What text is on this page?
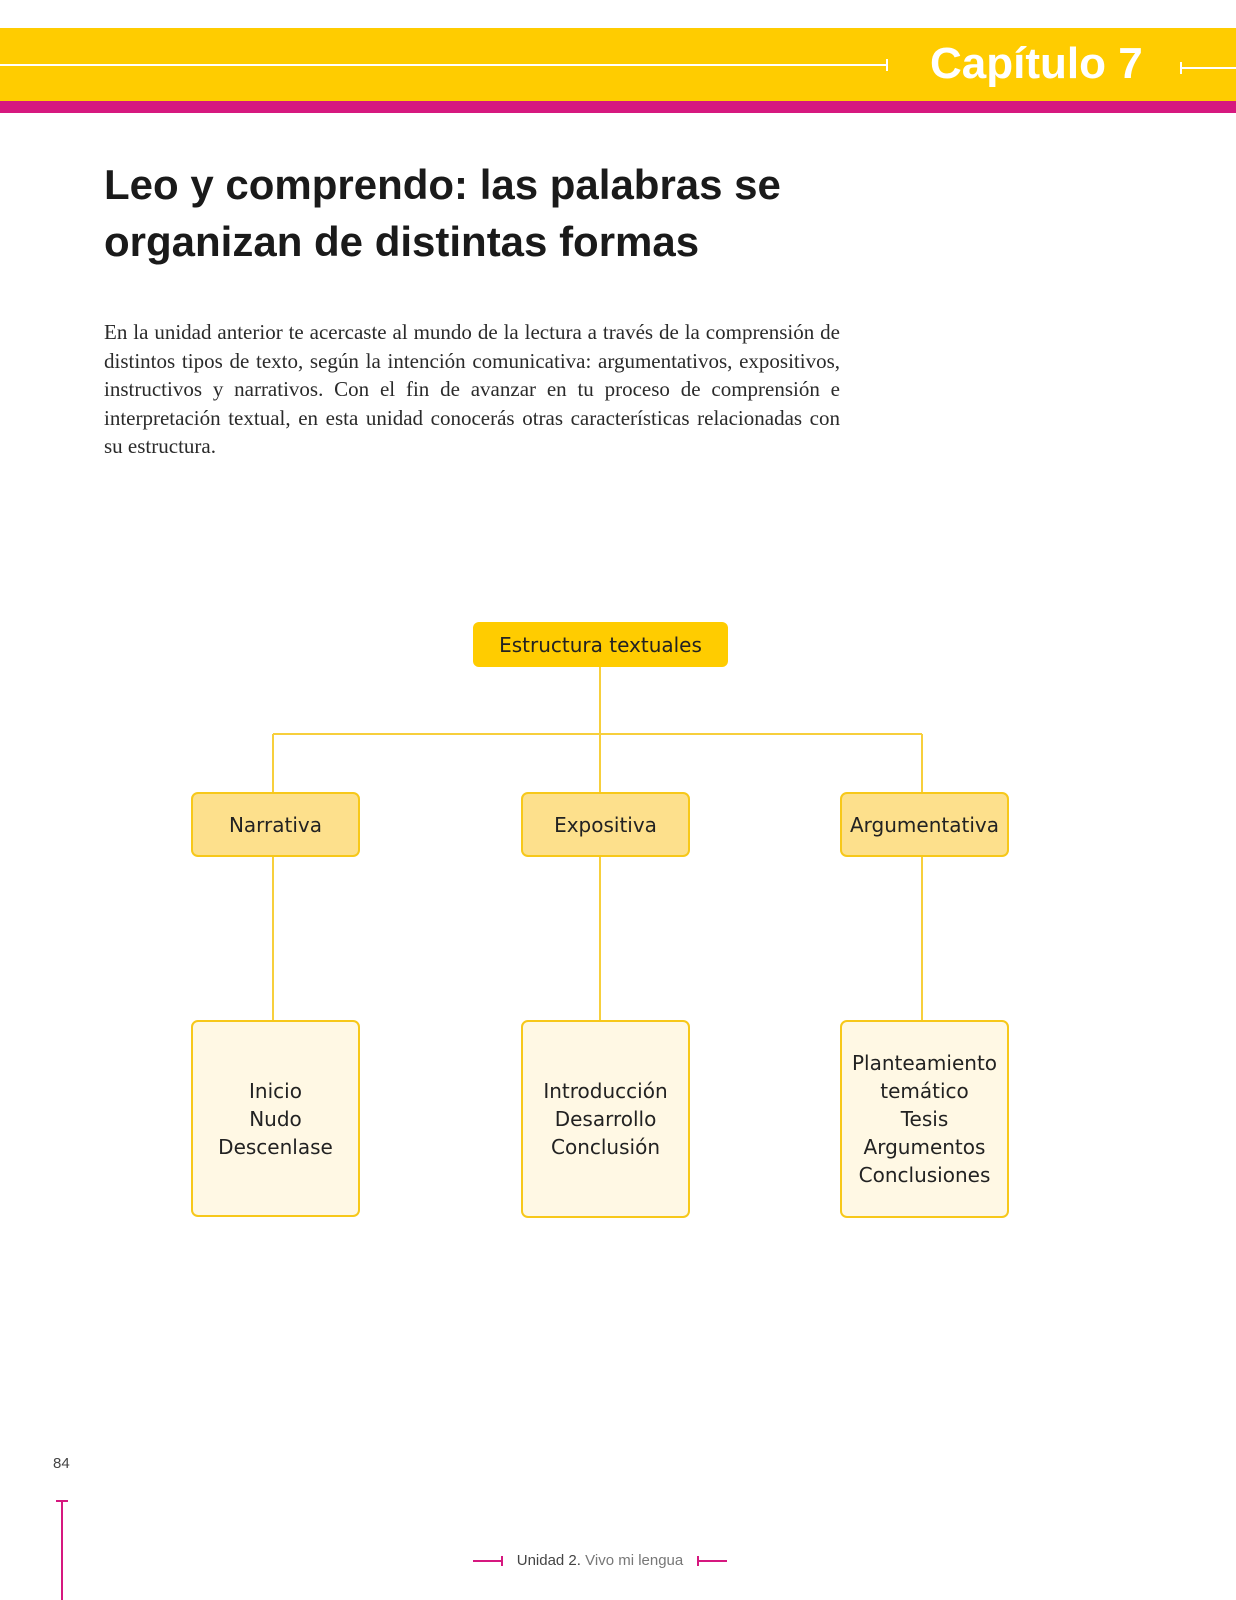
Capítulo 7
Leo y comprendo: las palabras se organizan de distintas formas

En la unidad anterior te acercaste al mundo de la lectura a través de la comprensión de distintos tipos de texto, según la intención comunicativa: argumentativos, expositivos, instructivos y narrativos. Con el fin de avanzar en tu proceso de comprensión e interpretación textual, en esta unidad conocerás otras características relacionadas con su estructura.

Estructura textuales
Narrativa	Expositiva	Argumentativa
Inicio
Nudo
Descenlase
Introducción
Desarrollo
Conclusión
Planteamiento
temático
Tesis
Argumentos
Conclusiones
84
Unidad 2. Vivo mi lengua
